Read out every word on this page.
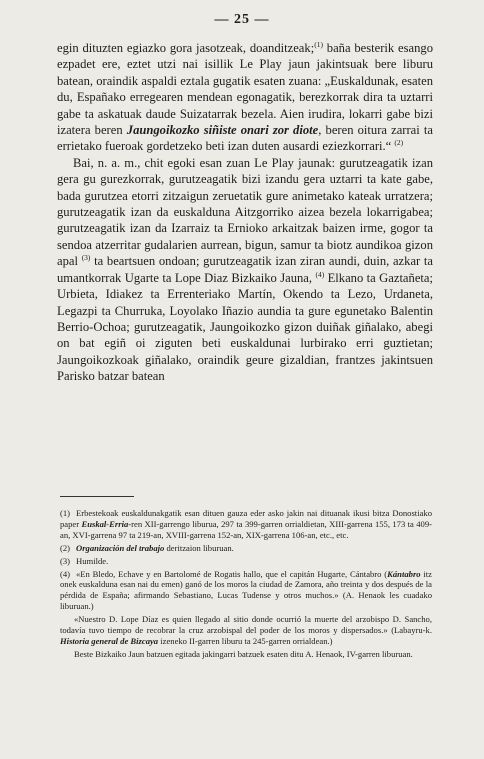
— 25 —

egin dituzten egiazko gora jasotzeak, doanditzeak;$^{(1)}$ baña besterik esango ezpadet ere, eztet utzi nai isillik Le Play jaun jakintsuak bere liburu batean, oraindik aspaldi eztala gugatik esaten zuana: „Euskaldunak, esaten du, Españako erregearen mendean egonagatik, berezkorrak dira ta uztarri gabe ta askatuak daude Suizatarrak bezela. Aien irudira, lokarri gabe bizi izatera beren Jaungoikozko siñiste onari zor diote, beren oitura zarrai ta errietako fueroak gordetzeko beti izan duten ausardi eziezkorrari.“ $^{(2)}$

Bai, n. a. m., chit egoki esan zuan Le Play jaunak: gurutzeagatik izan gera gu gurezkorrak, gurutzeagatik bizi izandu gera uztarri ta kate gabe, bada gurutzea etorri zitzaigun zeruetatik gure animetako kateak urratzera; gurutzeagatik izan da euskalduna Aitzgorriko aizea bezela lokarrigabea; gurutzeagatik izan da Izarraiz ta Ernioko arkaitzak baizen irme, gogor ta sendoa atzerritar gudalarien aurrean, bigun, samur ta biotz aundikoa gizon apal $^{(3)}$ ta beartsuen ondoan; gurutzeagatik izan ziran aundi, duin, azkar ta umantkorrak Ugarte ta Lope Diaz Bizkaiko Jauna, $^{(4)}$ Elkano ta Gaztañeta; Urbieta, Idiakez ta Errenteriako Martín, Okendo ta Lezo, Urdaneta, Legazpi ta Churruka, Loyolako Iñazio aundia ta gure egunetako Balentin Berrio-Ochoa; gurutzeagatik, Jaungoikozko gizon duiñak giñalako, abegi on bat egiñ oi ziguten beti euskaldunai lurbirako erri guztietan; Jaungoikozkoak giñalako, oraindik geure gizaldian, frantzes jakintsuen Parisko batzar batean

(1) Erbestekoak euskaldunakgatik esan dituen gauza eder asko jakin nai dituanak ikusi bitza Donostiako paper Euskal-Erria-ren XII-garrengo liburua, 297 ta 399-garren orrialdietan, XIII-garrena 155, 173 ta 409-an, XVI-garrena 97 ta 219-an, XVIII-garrena 152-an, XIX-garrena 106-an, etc., etc.

(2) Organización del trabajo deritzaion liburuan.

(3) Humilde.

(4) «En Bledo, Echave y en Bartolomé de Rogatis hallo, que el capitán Hugarte, Cántabro (Kántabro itz onek euskalduna esan nai du emen) ganó de los moros la ciudad de Zamora, año treinta y dos después de la pérdida de España; afirmando Sebastiano, Lucas Tudense y otros muchos.» (A. Henaok les cuadako liburuan.)

«Nuestro D. Lope Díaz es quien llegado al sitio donde ocurrió la muerte del arzobispo D. Sancho, todavía tuvo tiempo de recobrar la cruz arzobispal del poder de los moros y dispersados.» (Labayru-k. Historia general de Bizcaya izeneko II-garren liburu ta 245-garren orrialdean.)

Beste Bizkaiko Jaun batzuen egitada jakingarri batzuek esaten ditu A. Henaok, IV-garren liburuan.
